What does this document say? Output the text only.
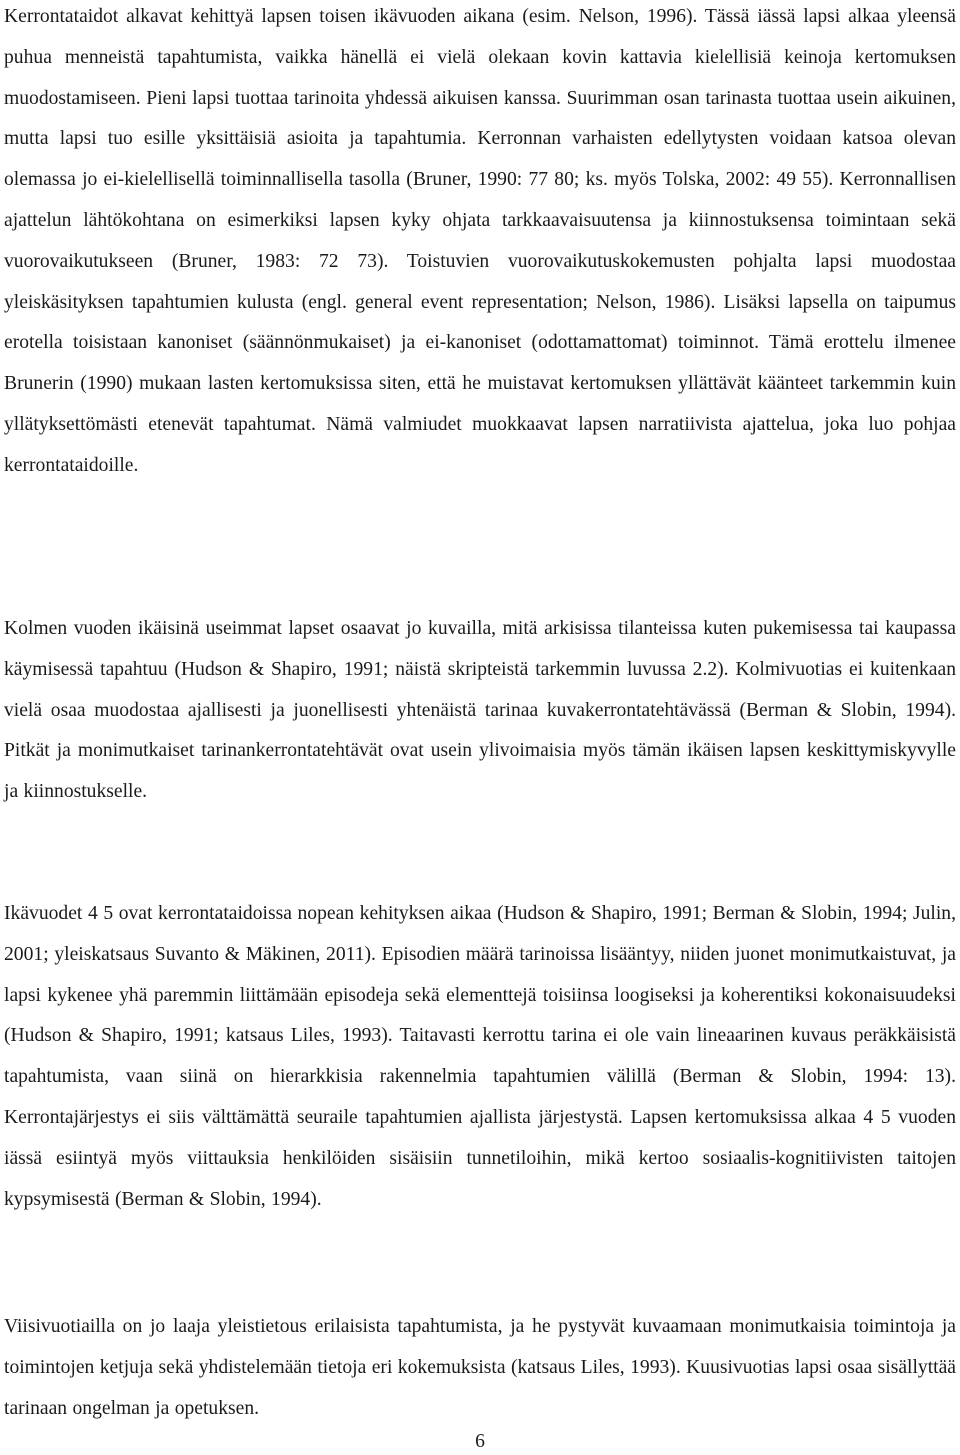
Kerrontataidot alkavat kehittyä lapsen toisen ikävuoden aikana (esim. Nelson, 1996). Tässä iässä lapsi alkaa yleensä puhua menneistä tapahtumista, vaikka hänellä ei vielä olekaan kovin kattavia kielellisiä keinoja kertomuksen muodostamiseen. Pieni lapsi tuottaa tarinoita yhdessä aikuisen kanssa. Suurimman osan tarinasta tuottaa usein aikuinen, mutta lapsi tuo esille yksittäisiä asioita ja tapahtumia. Kerronnan varhaisten edellytysten voidaan katsoa olevan olemassa jo ei-kielellisellä toiminnallisella tasolla (Bruner, 1990: 77 80; ks. myös Tolska, 2002: 49 55). Kerronnallisen ajattelun lähtökohtana on esimerkiksi lapsen kyky ohjata tarkkaavaisuutensa ja kiinnostuksensa toimintaan sekä vuorovaikutukseen (Bruner, 1983: 72 73). Toistuvien vuorovaikutuskokemusten pohjalta lapsi muodostaa yleiskäsityksen tapahtumien kulusta (engl. general event representation; Nelson, 1986). Lisäksi lapsella on taipumus erotella toisistaan kanoniset (säännönmukaiset) ja ei-kanoniset (odottamattomat) toiminnot. Tämä erottelu ilmenee Brunerin (1990) mukaan lasten kertomuksissa siten, että he muistavat kertomuksen yllättävät käänteet tarkemmin kuin yllätyksettömästi etenevät tapahtumat. Nämä valmiudet muokkaavat lapsen narratiivista ajattelua, joka luo pohjaa kerrontataidoille.

Kolmen vuoden ikäisinä useimmat lapset osaavat jo kuvailla, mitä arkisissa tilanteissa kuten pukemisessa tai kaupassa käymisessä tapahtuu (Hudson & Shapiro, 1991; näistä skripteistä tarkemmin luvussa 2.2). Kolmivuotias ei kuitenkaan vielä osaa muodostaa ajallisesti ja juonellisesti yhtenäistä tarinaa kuvakerrontatehtävässä (Berman & Slobin, 1994). Pitkät ja monimutkaiset tarinankerrontatehtävät ovat usein ylivoimaisia myös tämän ikäisen lapsen keskittymiskyvylle ja kiinnostukselle.

Ikävuodet 4 5 ovat kerrontataidoissa nopean kehityksen aikaa (Hudson & Shapiro, 1991; Berman & Slobin, 1994; Julin, 2001; yleiskatsaus Suvanto & Mäkinen, 2011). Episodien määrä tarinoissa lisääntyy, niiden juonet monimutkaistuvat, ja lapsi kykenee yhä paremmin liittämään episodeja sekä elementtejä toisiinsa loogiseksi ja koherentiksi kokonaisuudeksi (Hudson & Shapiro, 1991; katsaus Liles, 1993). Taitavasti kerrottu tarina ei ole vain lineaarinen kuvaus peräkkäisistä tapahtumista, vaan siinä on hierarkkisia rakennelmia tapahtumien välillä (Berman & Slobin, 1994: 13). Kerrontajärjestys ei siis välttämättä seuraile tapahtumien ajallista järjestystä. Lapsen kertomuksissa alkaa 4 5 vuoden iässä esiintyä myös viittauksia henkilöiden sisäisiin tunnetiloihin, mikä kertoo sosiaalis-kognitiivisten taitojen kypsymisestä (Berman & Slobin, 1994).

Viisivuotiailla on jo laaja yleistietous erilaisista tapahtumista, ja he pystyvät kuvaamaan monimutkaisia toimintoja ja toimintojen ketjuja sekä yhdistelemään tietoja eri kokemuksista (katsaus Liles, 1993). Kuusivuotias lapsi osaa sisällyttää tarinaan ongelman ja opetuksen.

6
